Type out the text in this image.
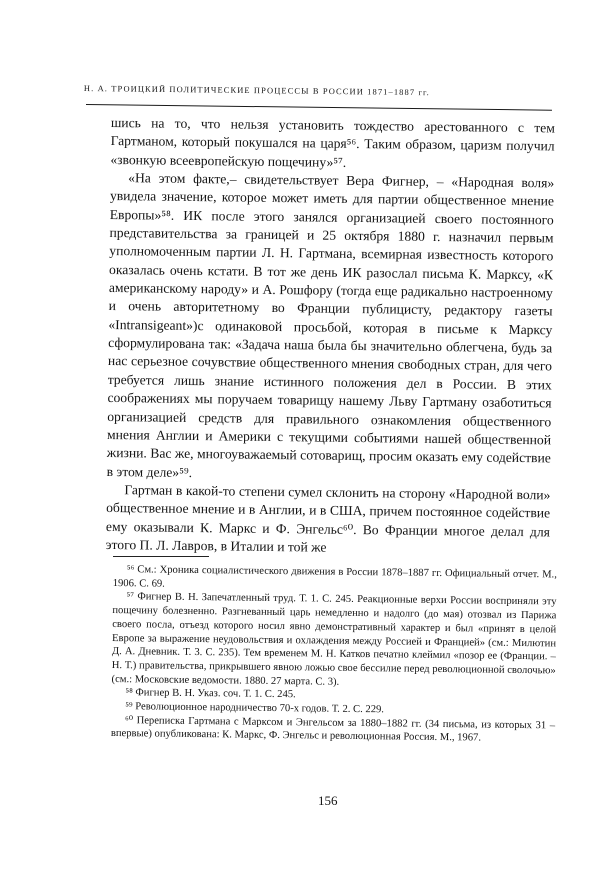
Н. А. ТРОИЦКИЙ ПОЛИТИЧЕСКИЕ ПРОЦЕССЫ В РОССИИ 1871–1887 гг.

шись на то, что нельзя установить тождество арестованного с тем Гартманом, который покушался на царя⁵⁶. Таким образом, царизм получил «звонкую всеевропейскую пощечину»⁵⁷.

«На этом факте,– свидетельствует Вера Фигнер, – «Народная воля» увидела значение, которое может иметь для партии общественное мнение Европы»⁵⁸. ИК после этого занялся организацией своего постоянного представительства за границей и 25 октября 1880 г. назначил первым уполномоченным партии Л. Н. Гартмана, всемирная известность которого оказалась очень кстати. В тот же день ИК разослал письма К. Марксу, «К американскому народу» и А. Рошфору (тогда еще радикально настроенному и очень авторитетному во Франции публицисту, редактору газеты «Intransigeant»)с одинаковой просьбой, которая в письме к Марксу сформулирована так: «Задача наша была бы значительно облегчена, будь за нас серьезное сочувствие общественного мнения свободных стран, для чего требуется лишь знание истинного положения дел в России. В этих соображениях мы поручаем товарищу нашему Льву Гартману озаботиться организацией средств для правильного ознакомления общественного мнения Англии и Америки с текущими событиями нашей общественной жизни. Вас же, многоуважаемый сотоварищ, просим оказать ему содействие в этом деле»⁵⁹.

Гартман в какой-то степени сумел склонить на сторону «Народной воли» общественное мнение и в Англии, и в США, причем постоянное содействие ему оказывали К. Маркс и Ф. Энгельс⁶⁰. Во Франции многое делал для этого П. Л. Лавров, в Италии и той же

⁵⁶ См.: Хроника социалистического движения в России 1878–1887 гг. Официальный отчет. М., 1906. С. 69.

⁵⁷ Фигнер В. Н. Запечатленный труд. Т. 1. С. 245. Реакционные верхи России восприняли эту пощечину болезненно. Разгневанный царь немедленно и надолго (до мая) отозвал из Парижа своего посла, отъезд которого носил явно демонстративный характер и был «принят в целой Европе за выражение неудовольствия и охлаждения между Россией и Францией» (см.: Милютин Д. А. Дневник. Т. 3. С. 235). Тем временем М. Н. Катков печатно клеймил «позор ее (Франции. – Н. Т.) правительства, прикрывшего явною ложью свое бессилие перед революционной сволочью» (см.: Московские ведомости. 1880. 27 марта. С. 3).

⁵⁸ Фигнер В. Н. Указ. соч. Т. 1. С. 245.

⁵⁹ Революционное народничество 70-х годов. Т. 2. С. 229.

⁶⁰ Переписка Гартмана с Марксом и Энгельсом за 1880–1882 гг. (34 письма, из которых 31 – впервые) опубликована: К. Маркс, Ф. Энгельс и революционная Россия. М., 1967.

156
